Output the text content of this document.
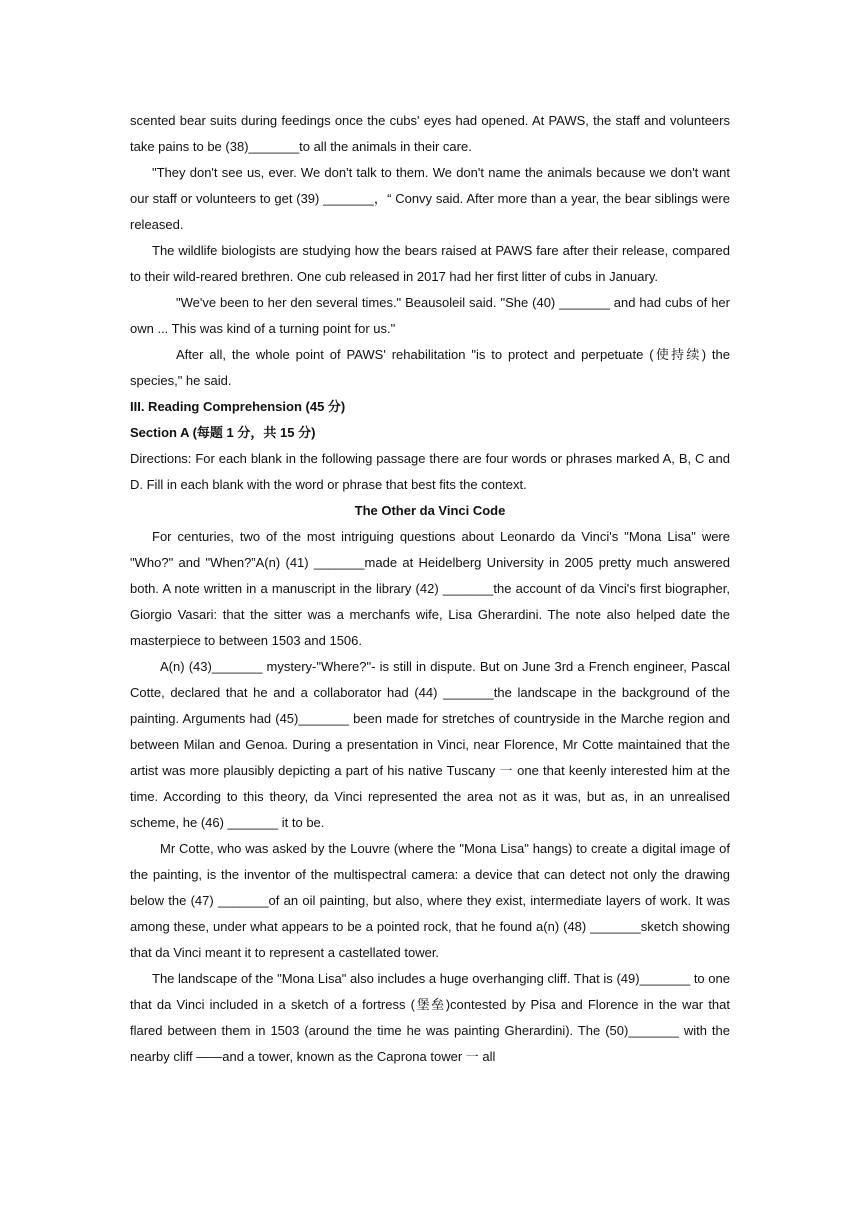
scented bear suits during feedings once the cubs' eyes had opened. At PAWS, the staff and volunteers take pains to be (38)_______to all the animals in their care.

"They don't see us, ever. We don't talk to them. We don't name the animals because we don't want our staff or volunteers to get (39) _______，“ Convy said. After more than a year, the bear siblings were released.

The wildlife biologists are studying how the bears raised at PAWS fare after their release, compared to their wild-reared brethren. One cub released in 2017 had her first litter of cubs in January.

"We've been to her den several times." Beausoleil said. "She (40) _______ and had cubs of her own ... This was kind of a turning point for us."

After all, the whole point of PAWS' rehabilitation "is to protect and perpetuate (使持续) the species," he said.

III. Reading Comprehension (45 分)

Section A (每题 1 分，共 15 分)

Directions: For each blank in the following passage there are four words or phrases marked A, B, C and D. Fill in each blank with the word or phrase that best fits the context.

The Other da Vinci Code

For centuries, two of the most intriguing questions about Leonardo da Vinci's "Mona Lisa" were "Who?" and "When?”A(n) (41) _______made at Heidelberg University in 2005 pretty much answered both. A note written in a manuscript in the library (42) _______the account of da Vinci's first biographer, Giorgio Vasari: that the sitter was a merchanfs wife, Lisa Gherardini. The note also helped date the masterpiece to between 1503 and 1506.

A(n) (43)_______ mystery-"Where?"- is still in dispute. But on June 3rd a French engineer, Pascal Cotte, declared that he and a collaborator had (44) _______the landscape in the background of the painting. Arguments had (45)_______ been made for stretches of countryside in the Marche region and between Milan and Genoa. During a presentation in Vinci, near Florence, Mr Cotte maintained that the artist was more plausibly depicting a part of his native Tuscany 一 one that keenly interested him at the time. According to this theory, da Vinci represented the area not as it was, but as, in an unrealised scheme, he (46) _______ it to be.

Mr Cotte, who was asked by the Louvre (where the "Mona Lisa" hangs) to create a digital image of the painting, is the inventor of the multispectral camera: a device that can detect not only the drawing below the (47) _______of an oil painting, but also, where they exist, intermediate layers of work. It was among these, under what appears to be a pointed rock, that he found a(n) (48) _______sketch showing that da Vinci meant it to represent a castellated tower.

The landscape of the "Mona Lisa" also includes a huge overhanging cliff. That is (49)_______ to one that da Vinci included in a sketch of a fortress (堡垒)contested by Pisa and Florence in the war that flared between them in 1503 (around the time he was painting Gherardini). The (50)_______ with the nearby cliff ——and a tower, known as the Caprona tower 一 all
